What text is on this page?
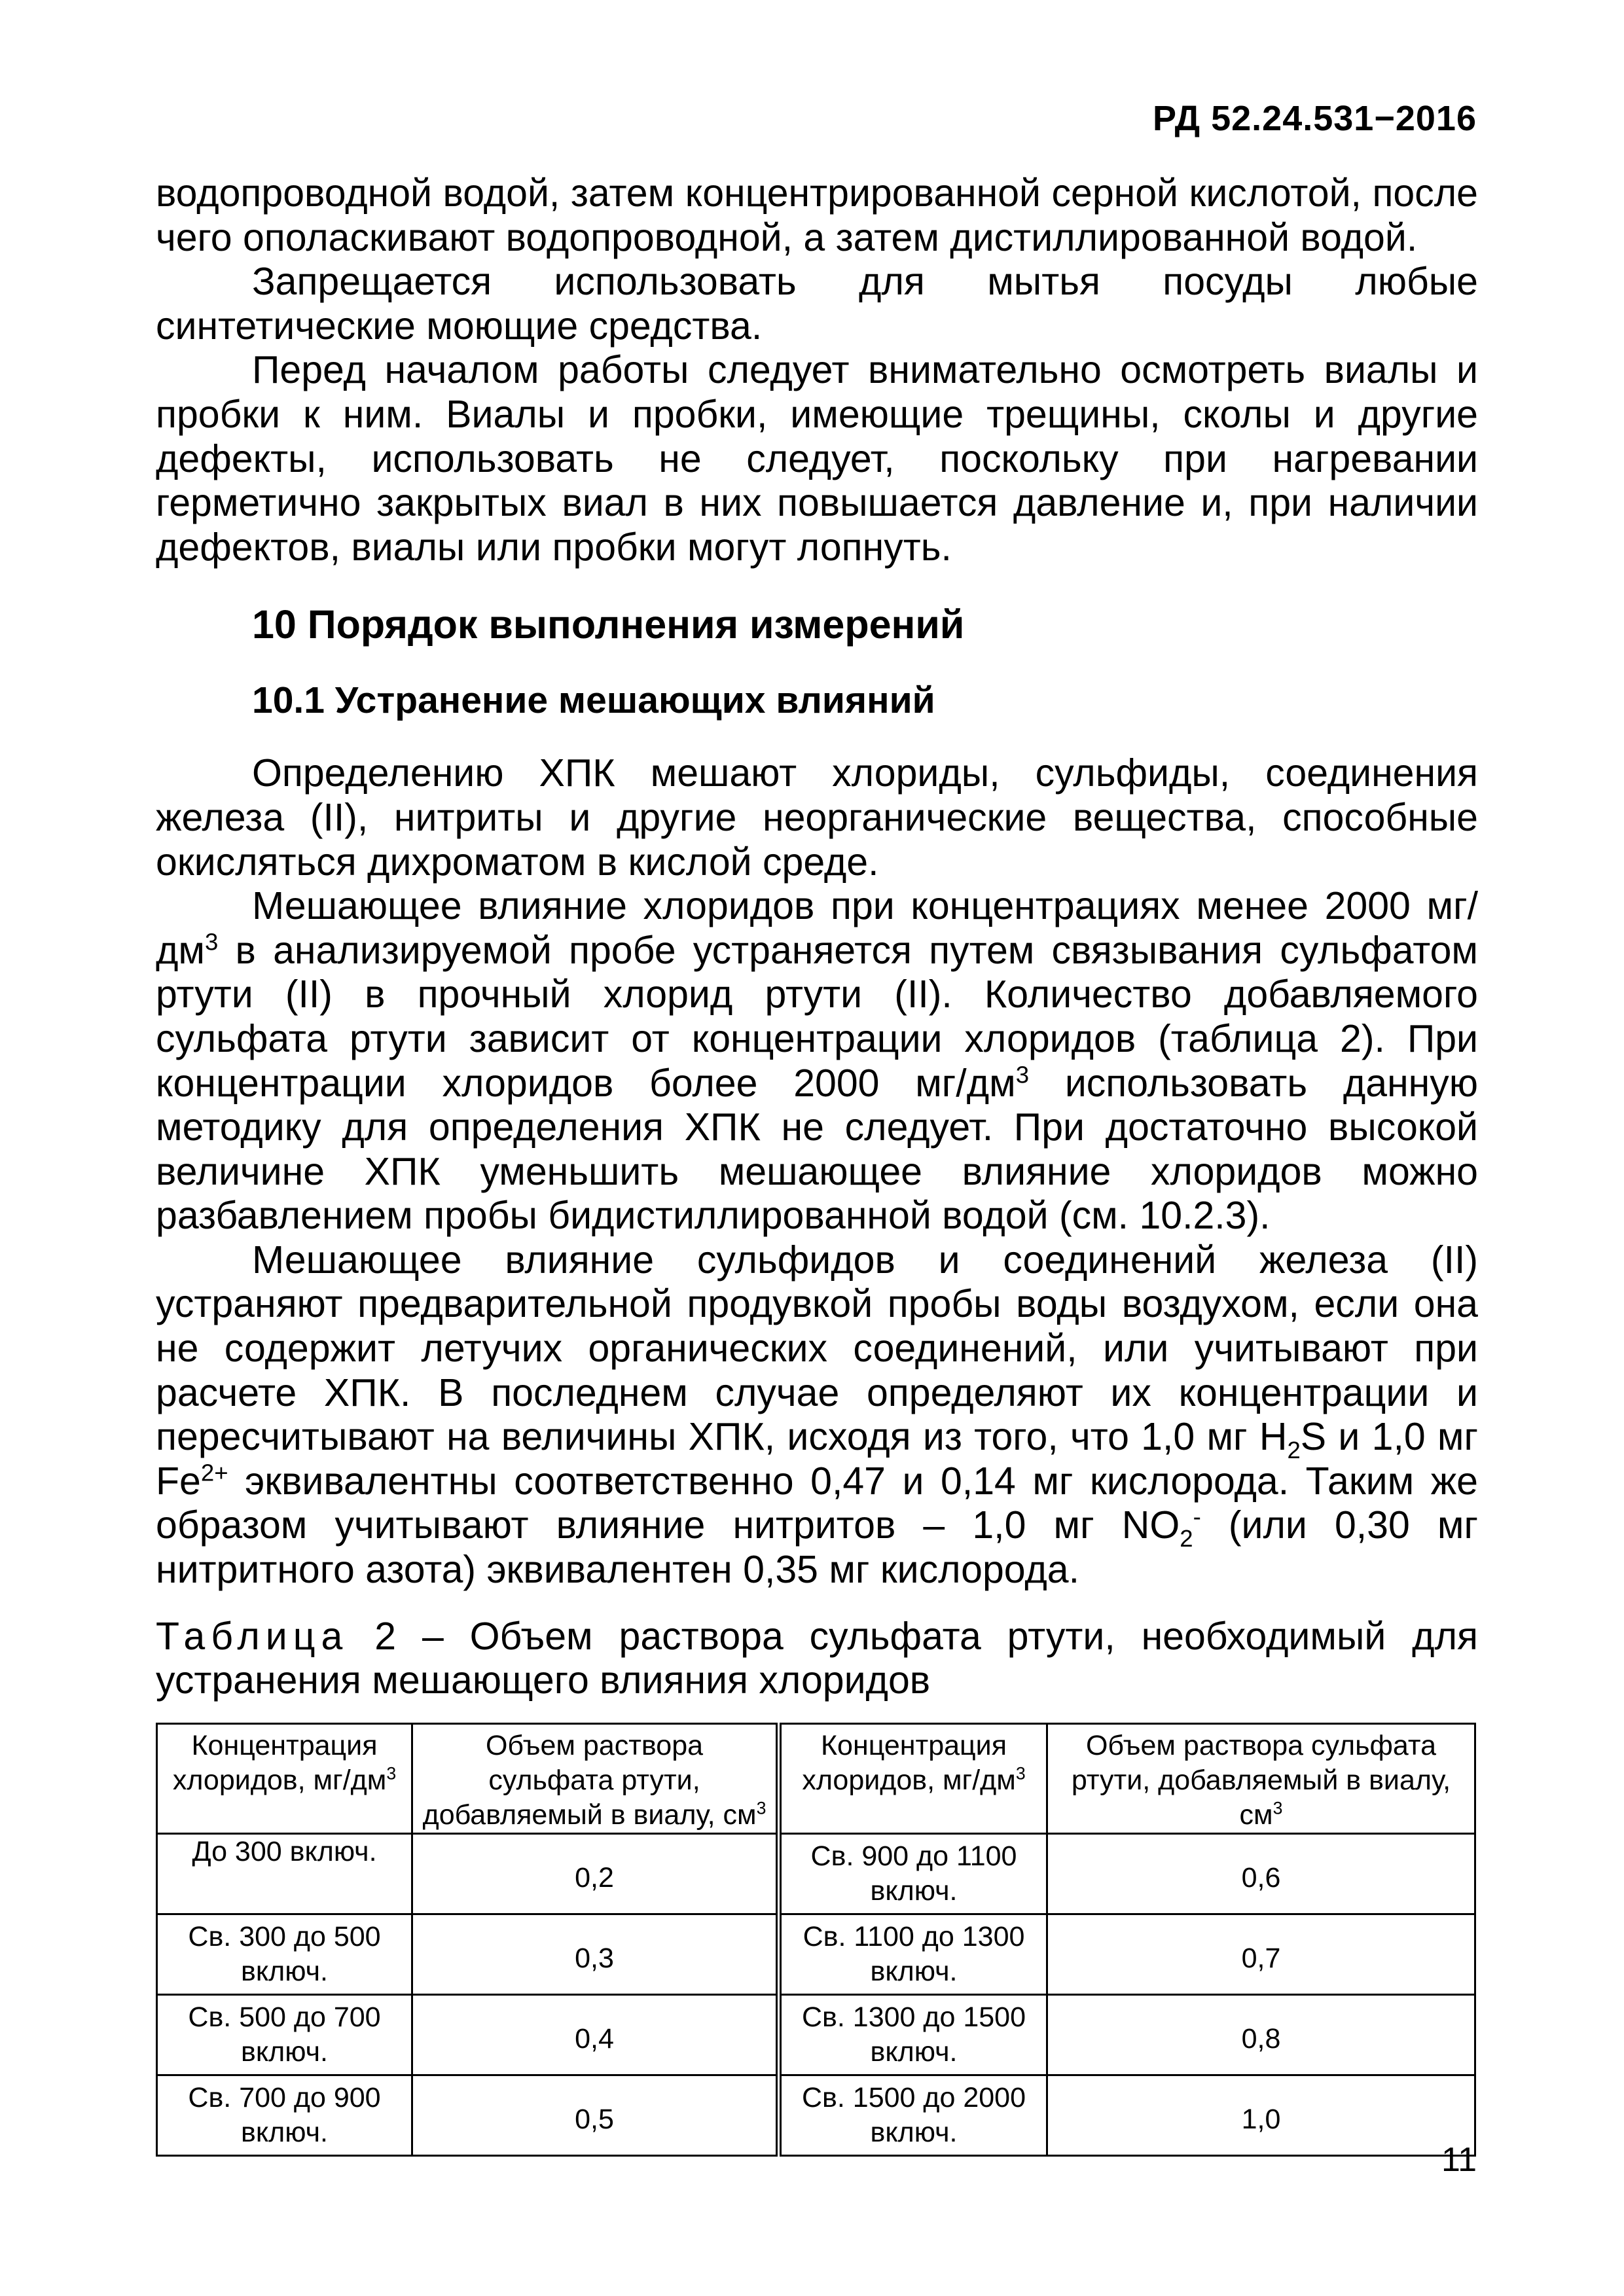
РД 52.24.531−2016

водопроводной водой, затем концентрированной серной кислотой, после чего ополаскивают водопроводной, а затем дистиллированной водой.

Запрещается использовать для мытья посуды любые синтетические моющие средства.

Перед началом работы следует внимательно осмотреть виалы и пробки к ним. Виалы и пробки, имеющие трещины, сколы и другие дефекты, использовать не следует, поскольку при нагревании герметично закрытых виал в них повышается давление и, при наличии дефектов, виалы или пробки могут лопнуть.

10 Порядок выполнения измерений
10.1 Устранение мешающих влияний

Определению ХПК мешают хлориды, сульфиды, соединения железа (II), нитриты и другие неорганические вещества, способные окисляться дихроматом в кислой среде.

Мешающее влияние хлоридов при концентрациях менее 2000 $мг/дм^3$ в анализируемой пробе устраняется путем связывания сульфатом ртути (II) в прочный хлорид ртути (II). Количество добавляемого сульфата ртути зависит от концентрации хлоридов (таблица 2). При концентрации хлоридов более 2000 $мг/дм^3$ использовать данную методику для определения ХПК не следует. При достаточно высокой величине ХПК уменьшить мешающее влияние хлоридов можно разбавлением пробы бидистиллированной водой (см. 10.2.3).

Мешающее влияние сульфидов и соединений железа (II) устраняют предварительной продувкой пробы воды воздухом, если она не содержит летучих органических соединений, или учитывают при расчете ХПК. В последнем случае определяют их концентрации и пересчитывают на величины ХПК, исходя из того, что 1,0 мг $H_2S$ и 1,0 мг $Fe^{2+}$ эквивалентны соответственно 0,47 и 0,14 мг кислорода. Таким же образом учитывают влияние нитритов – 1,0 мг $NO_2^-$ (или 0,30 мг нитритного азота) эквивалентен 0,35 мг кислорода.

Таблица 2 – Объем раствора сульфата ртути, необходимый для устранения мешающего влияния хлоридов

Концентрация хлоридов, $мг/дм^3$	Объем раствора сульфата ртути, добавляемый в виалу, $см^3$	Концентрация хлоридов, $мг/дм^3$	Объем раствора сульфата ртути, добавляемый в виалу, $см^3$
До 300 включ.	0,2	Св. 900 до 1100 включ.	0,6
Св. 300 до 500 включ.	0,3	Св. 1100 до 1300 включ.	0,7
Св. 500 до 700 включ.	0,4	Св. 1300 до 1500 включ.	0,8
Св. 700 до 900 включ.	0,5	Св. 1500 до 2000 включ.	1,0
11
